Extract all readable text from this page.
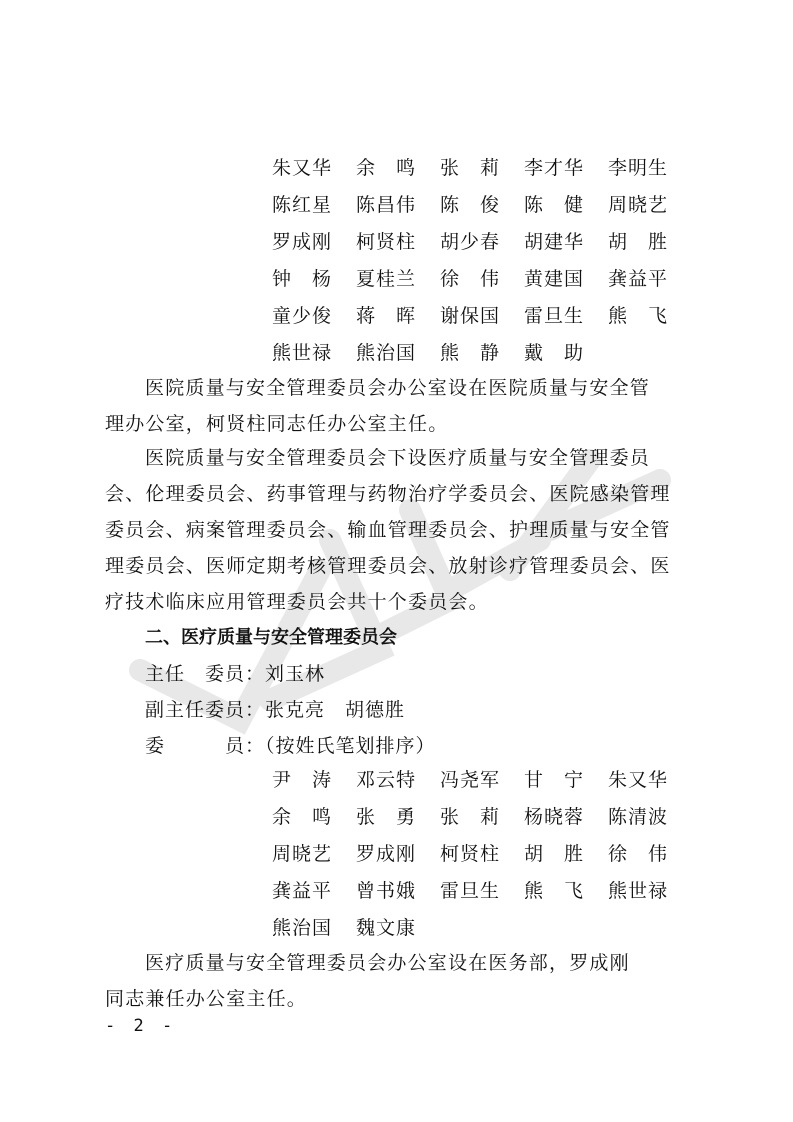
朱又华	余　鸣	张　莉	李才华	李明生
陈红星	陈昌伟	陈　俊	陈　健	周晓艺
罗成刚	柯贤柱	胡少春	胡建华	胡　胜
钟　杨	夏桂兰	徐　伟	黄建国	龚益平
童少俊	蒋　晖	谢保国	雷旦生	熊　飞
熊世禄	熊治国	熊　静	戴　助
医院质量与安全管理委员会办公室设在医院质量与安全管
理办公室，柯贤柱同志任办公室主任。
医院质量与安全管理委员会下设医疗质量与安全管理委员
会、伦理委员会、药事管理与药物治疗学委员会、医院感染管理
委员会、病案管理委员会、输血管理委员会、护理质量与安全管
理委员会、医师定期考核管理委员会、放射诊疗管理委员会、医
疗技术临床应用管理委员会共十个委员会。
二、医疗质量与安全管理委员会
主任　委员：刘玉林
副主任委员：张克亮　胡德胜
委　　　员：（按姓氏笔划排序）
尹　涛	邓云特	冯尧军	甘　宁	朱又华
余　鸣	张　勇	张　莉	杨晓蓉	陈清波
周晓艺	罗成刚	柯贤柱	胡　胜	徐　伟
龚益平	曾书娥	雷旦生	熊　飞	熊世禄
熊治国	魏文康
医疗质量与安全管理委员会办公室设在医务部，罗成刚
同志兼任办公室主任。
- 2 -
